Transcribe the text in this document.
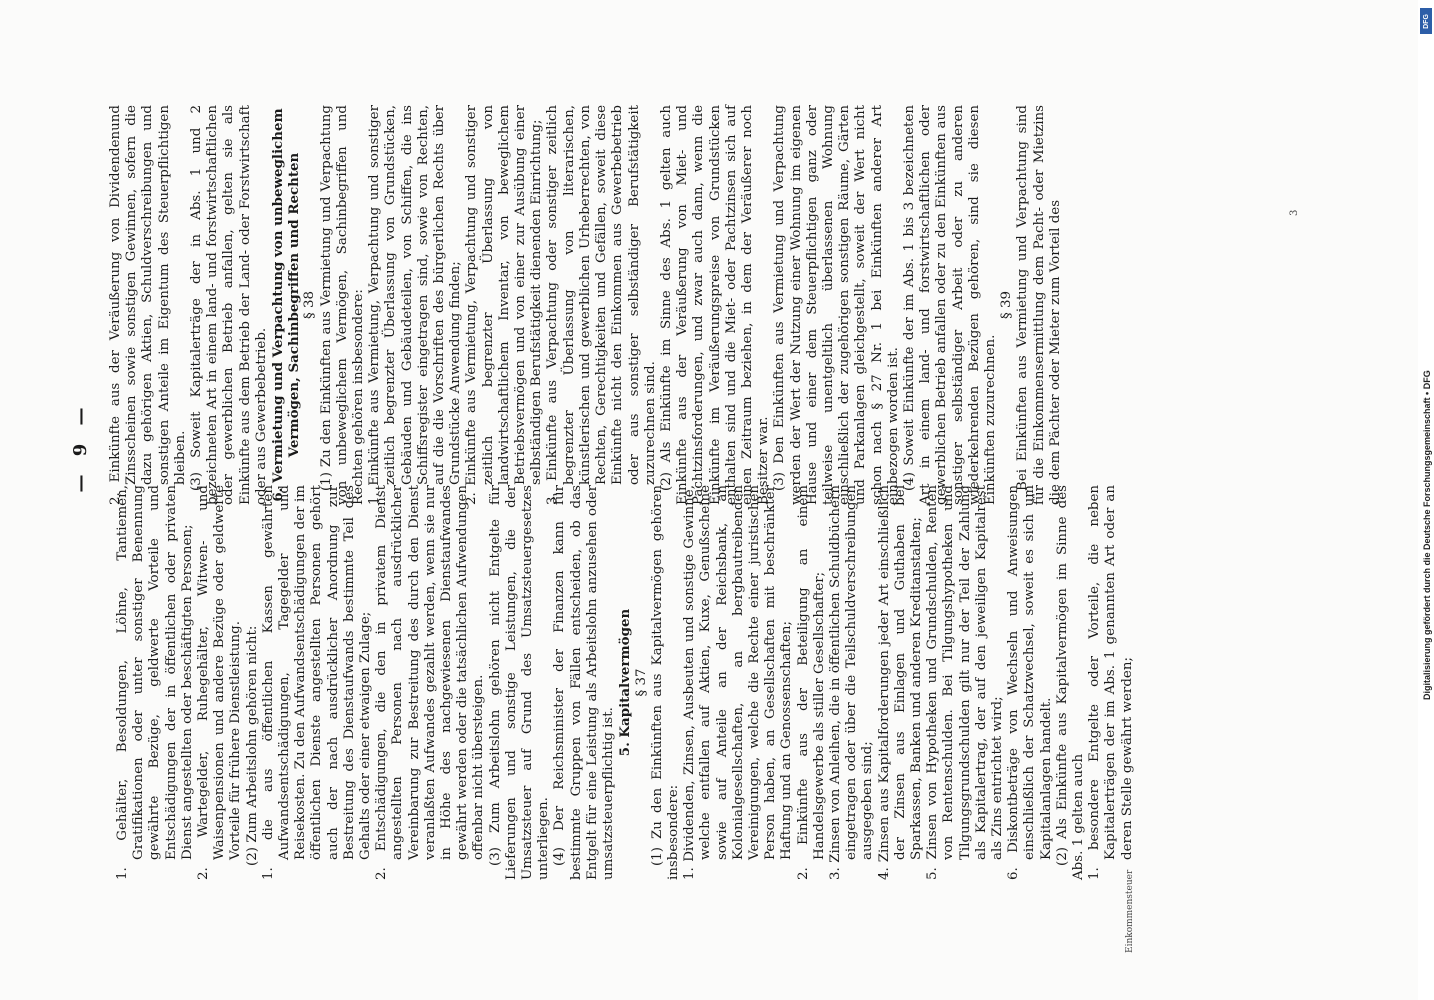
— 9 —

1. Gehälter, Besoldungen, Löhne, Tantiemen, Gratifikationen oder unter sonstiger Benennung gewährte Bezüge, geldwerte Vorteile und Entschädigungen der in öffentlichen oder privaten Dienst angestellten oder beschäftigten Personen; 2. Wartegelder, Ruhegehälter, Witwen- und Waisenpensionen und andere Bezüge oder geldwerte Vorteile für frühere Dienstleistung. (2) Zum Arbeitslohn gehören nicht: 1. die aus öffentlichen Kassen gewährten Aufwandsentschädigungen, Tagegelder und Reisekosten. Zu den Aufwandsentschädigungen der im öffentlichen Dienste angestellten Personen gehört auch der nach ausdrücklicher Anordnung zur Bestreitung des Dienstaufwands bestimmte Teil des Gehalts oder einer etwaigen Zulage; 2. Entschädigungen, die den in privatem Dienst angestellten Personen nach ausdrücklicher Vereinbarung zur Bestreitung des durch den Dienst veranlaßten Aufwandes gezahlt werden, wenn sie nur in Höhe des nachgewiesenen Dienstaufwandes gewährt werden oder die tatsächlichen Aufwendungen offenbar nicht übersteigen. (3) Zum Arbeitslohn gehören nicht Entgelte für Lieferungen und sonstige Leistungen, die der Umsatzsteuer auf Grund des Umsatzsteuergesetzes unterliegen. (4) Der Reichsminister der Finanzen kann für bestimmte Gruppen von Fällen entscheiden, ob das Entgelt für eine Leistung als Arbeitslohn anzusehen oder umsatzsteuerpflichtig ist.

5. Kapitalvermögen § 37 (1) Zu den Einkünften aus Kapitalvermögen gehören insbesondere: 1. Dividenden, Zinsen, Ausbeuten und sonstige Gewinne, welche entfallen auf Aktien, Kuxe, Genußscheine sowie auf Anteile an der Reichsbank, an Kolonialgesellschaften, an bergbautreibenden Vereinigungen, welche die Rechte einer juristischen Person haben, an Gesellschaften mit beschränkter Haftung und an Genossenschaften; 2. Einkünfte aus der Beteiligung an einem Handelsgewerbe als stiller Gesellschafter; 3. Zinsen von Anleihen, die in öffentlichen Schuldbüchern eingetragen oder über die Teilschuldverschreibungen ausgegeben sind; 4. Zinsen aus Kapitalforderungen jeder Art einschließlich der Zinsen aus Einlagen und Guthaben bei Sparkassen, Banken und anderen Kreditanstalten; 5. Zinsen von Hypotheken und Grundschulden, Renten von Rentenschulden. Bei Tilgungshypotheken und Tilgungsgrundschulden gilt nur der Teil der Zahlung als Kapitalertrag, der auf den jeweiligen Kapitalrest als Zins entrichtet wird; 6. Diskontbeträge von Wechseln und Anweisungen einschließlich der Schatzwechsel, soweit es sich um Kapitalanlagen handelt. (2) Als Einkünfte aus Kapitalvermögen im Sinne des Abs. 1 gelten auch 1. besondere Entgelte oder Vorteile, die neben Kapitalerträgen der im Abs. 1 genannten Art oder an deren Stelle gewährt werden;

2. Einkünfte aus der Veräußerung von Dividendenund Zinsscheinen sowie sonstigen Gewinnen, sofern die dazu gehörigen Aktien, Schuldverschreibungen und sonstigen Anteile im Eigentum des Steuerpflichtigen bleiben. (3) Soweit Kapitalerträge der in Abs. 1 und 2 bezeichneten Art in einem land- und forstwirtschaftlichen oder gewerblichen Betrieb anfallen, gelten sie als Einkünfte aus dem Betrieb der Land- oder Forstwirtschaft oder aus Gewerbebetrieb. 6. Vermietung und Verpachtung von unbeweglichem Vermögen, Sachinbegriffen und Rechten § 38 (1) Zu den Einkünften aus Vermietung und Verpachtung von unbeweglichem Vermögen, Sachinbegriffen und Rechten gehören insbesondere: 1. Einkünfte aus Vermietung, Verpachtung und sonstiger zeitlich begrenzter Überlassung von Grundstücken, Gebäuden und Gebäudeteilen, von Schiffen, die ins Schiffsregister eingetragen sind, sowie von Rechten, auf die die Vorschriften des bürgerlichen Rechts über Grundstücke Anwendung finden; 2. Einkünfte aus Vermietung, Verpachtung und sonstiger zeitlich begrenzter Überlassung von landwirtschaftlichem Inventar, von beweglichem Betriebsvermögen und von einer zur Ausübung einer selbständigen Berufstätigkeit dienenden Einrichtung; 3. Einkünfte aus Verpachtung oder sonstiger zeitlich begrenzter Überlassung von literarischen, künstlerischen und gewerblichen Urheberrechten, von Rechten, Gerechtigkeiten und Gefällen, soweit diese Einkünfte nicht den Einkommen aus Gewerbebetrieb oder aus sonstiger selbständiger Berufstätigkeit zuzurechnen sind. (2) Als Einkünfte im Sinne des Abs. 1 gelten auch Einkünfte aus der Veräußerung von Miet- und Pachtzinsforderungen, und zwar auch dann, wenn die Einkünfte im Veräußerungspreise von Grundstücken enthalten sind und die Miet- oder Pachtzinsen sich auf einen Zeitraum beziehen, in dem der Veräußerer noch Besitzer war. (3) Den Einkünften aus Vermietung und Verpachtung werden der Wert der Nutzung einer Wohnung im eigenen Hause und einer dem Steuerpflichtigen ganz oder teilweise unentgeltlich überlassenen Wohnung einschließlich der zugehörigen sonstigen Räume, Gärten und Parkanlagen gleichgestellt, soweit der Wert nicht schon nach § 27 Nr. 1 bei Einkünften anderer Art einbezogen worden ist. (4) Soweit Einkünfte der im Abs. 1 bis 3 bezeichneten Art in einem land- und forstwirtschaftlichen oder gewerblichen Betrieb anfallen oder zu den Einkünften aus sonstiger selbständiger Arbeit oder zu anderen wiederkehrenden Bezügen gehören, sind sie diesen Einkünften zuzurechnen.

§ 39 Bei Einkünften aus Vermietung und Verpachtung sind für die Einkommensermittlung dem Pacht- oder Mietzins die dem Pächter oder Mieter zum Vorteil des

Einkommensteuer
3
DFG
Digitalisierung gefördert durch die Deutsche Forschungsgemeinschaft • DFG
